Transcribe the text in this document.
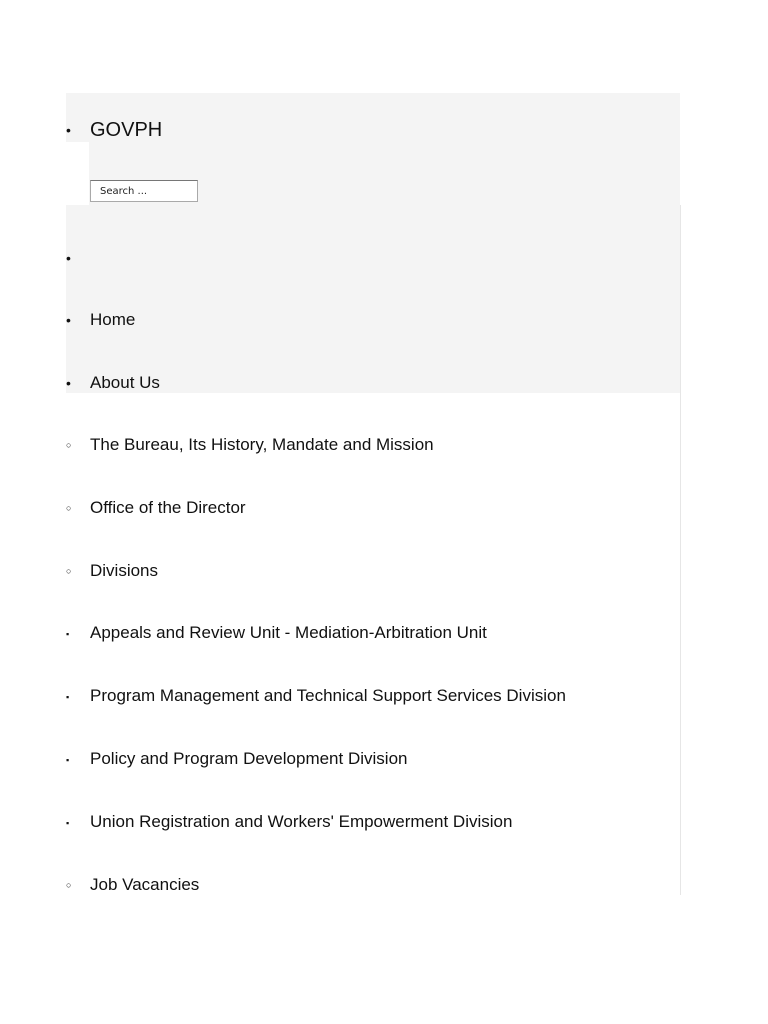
•
GOVPH
Search ...
•
•
Home
•
About Us
○
The Bureau, Its History, Mandate and Mission
○
Office of the Director
○
Divisions
▪
Appeals and Review Unit - Mediation-Arbitration Unit
▪
Program Management and Technical Support Services Division
▪
Policy and Program Development Division
▪
Union Registration and Workers' Empowerment Division
○
Job Vacancies
